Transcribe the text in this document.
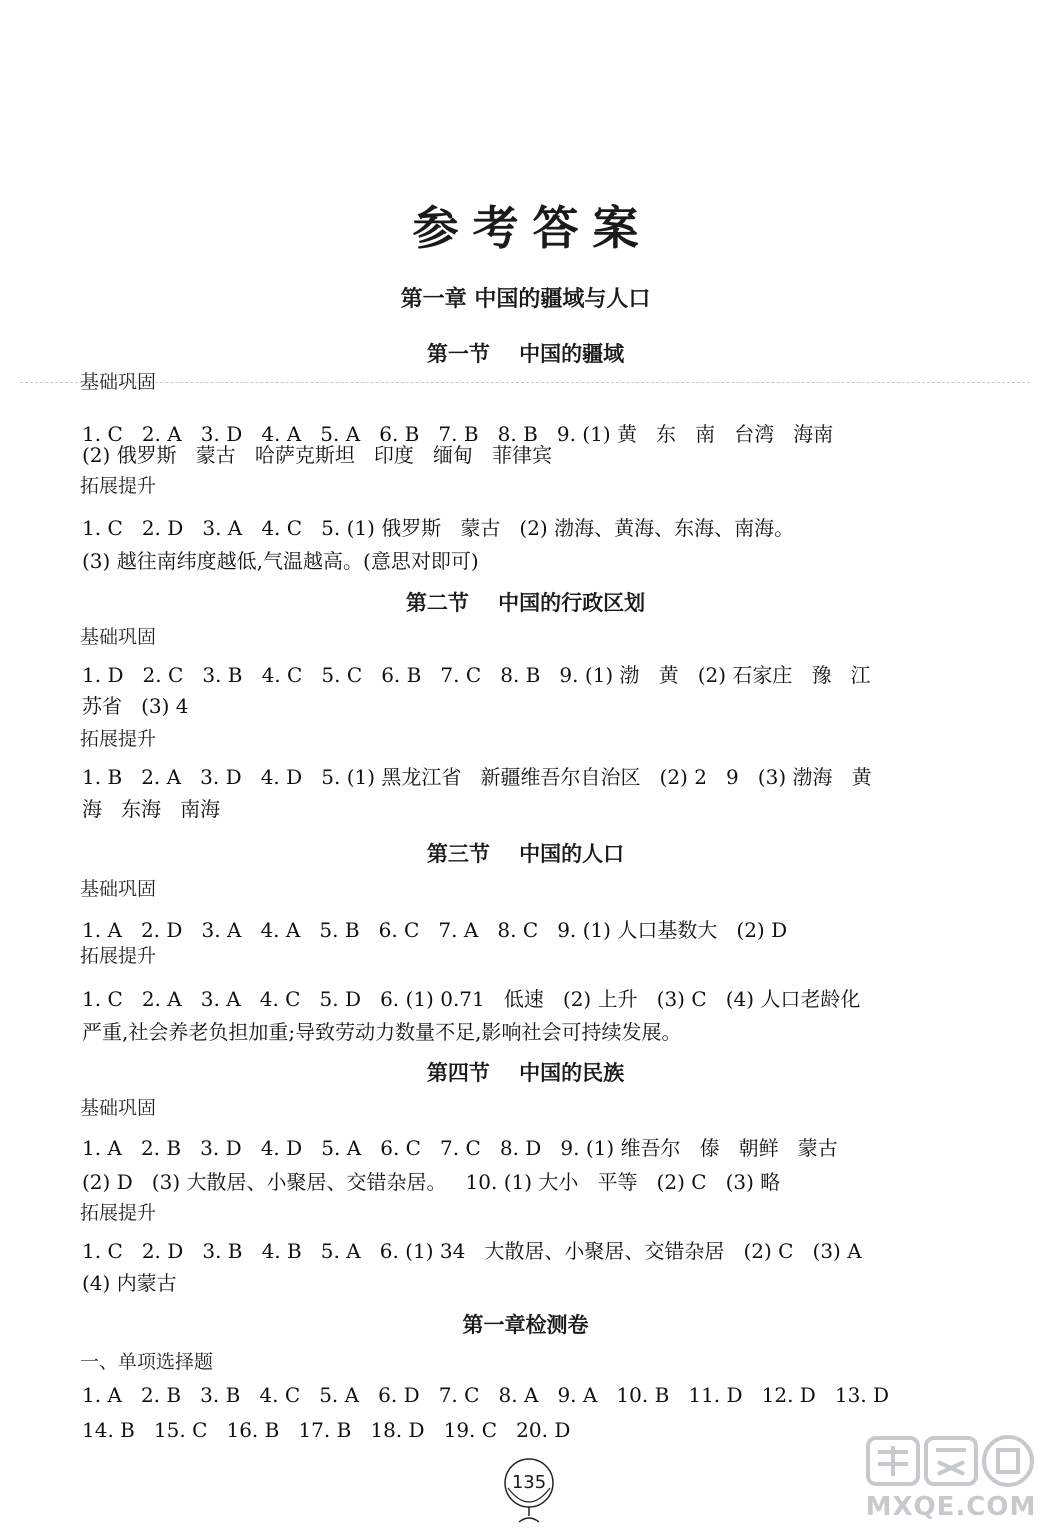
参考答案
第一章 中国的疆域与人口
第一节    中国的疆域
基础巩固
1. C   2. A   3. D   4. A   5. A   6. B   7. B   8. B   9. (1) 黄   东   南   台湾   海南
(2) 俄罗斯   蒙古   哈萨克斯坦   印度   缅甸   菲律宾
拓展提升
1. C   2. D   3. A   4. C   5. (1) 俄罗斯   蒙古   (2) 渤海、黄海、东海、南海。
(3) 越往南纬度越低,气温越高。(意思对即可)
第二节    中国的行政区划
基础巩固
1. D   2. C   3. B   4. C   5. C   6. B   7. C   8. B   9. (1) 渤   黄   (2) 石家庄   豫   江
苏省   (3) 4
拓展提升
1. B   2. A   3. D   4. D   5. (1) 黑龙江省   新疆维吾尔自治区   (2) 2   9   (3) 渤海   黄
海   东海   南海
第三节    中国的人口
基础巩固
1. A   2. D   3. A   4. A   5. B   6. C   7. A   8. C   9. (1) 人口基数大   (2) D
拓展提升
1. C   2. A   3. A   4. C   5. D   6. (1) 0.71   低速   (2) 上升   (3) C   (4) 人口老龄化
严重,社会养老负担加重;导致劳动力数量不足,影响社会可持续发展。
第四节    中国的民族
基础巩固
1. A   2. B   3. D   4. D   5. A   6. C   7. C   8. D   9. (1) 维吾尔   傣   朝鲜   蒙古
(2) D   (3) 大散居、小聚居、交错杂居。   10. (1) 大小   平等   (2) C   (3) 略
拓展提升
1. C   2. D   3. B   4. B   5. A   6. (1) 34   大散居、小聚居、交错杂居   (2) C   (3) A
(4) 内蒙古
第一章检测卷
一、单项选择题
1. A   2. B   3. B   4. C   5. A   6. D   7. C   8. A   9. A   10. B   11. D   12. D   13. D
14. B   15. C   16. B   17. B   18. D   19. C   20. D
135
MXQE.COM
